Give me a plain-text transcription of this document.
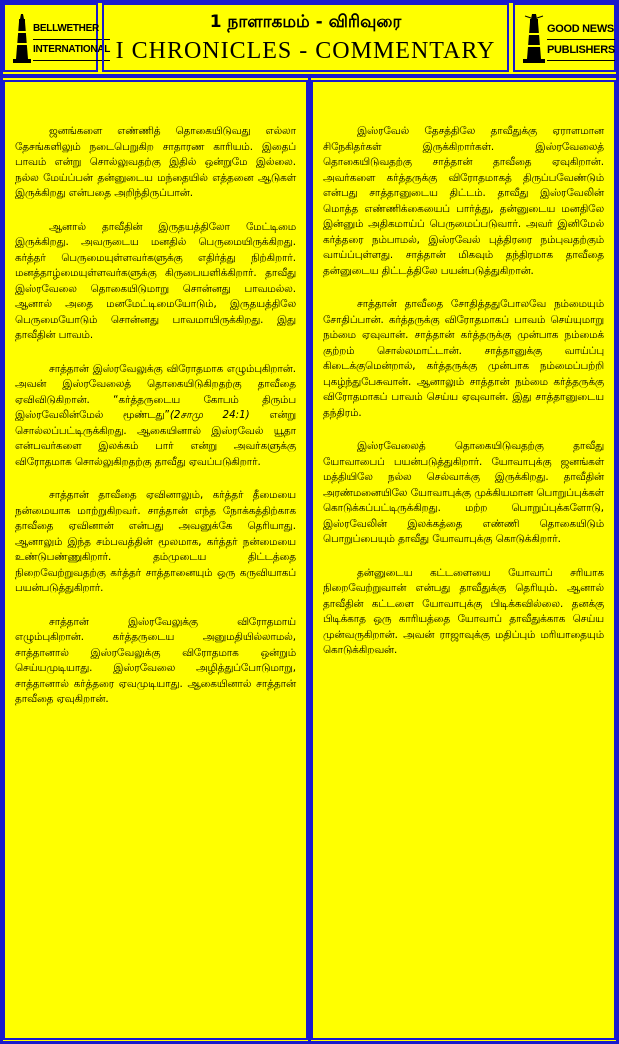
BELLWETHER
INTERNATIONAL
1 நாளாகமம் - விரிவுரை
I CHRONICLES - COMMENTARY
GOOD NEWS
PUBLISHERS

ஜனங்களை எண்ணித் தொகையிடுவது எல்லா தேசங்களிலும் நடைபெறுகிற சாதாரண காரியம். இதைப் பாவம் என்று சொல்லுவதற்கு இதில் ஒன்றுமே இல்லை. நல்ல மேய்ப்பன் தன்னுடைய மந்தையில் எத்தனை ஆடுகள் இருக்கிறது என்பதை அறிந்திருப்பான்.

ஆனால் தாவீதின் இருதயத்திலோ மேட்டிமை இருக்கிறது. அவருடைய மனதில் பெருமையிருக்கிறது. கர்த்தர் பெருமையுள்ளவர்களுக்கு எதிர்த்து நிற்கிறார். மனத்தாழ்மையுள்ளவர்களுக்கு கிருபையளிக்கிறார். தாவீது இஸ்ரவேலை தொகையிடுமாறு சொன்னது பாவமல்ல. ஆனால் அதை மனமேட்டிமையோடும், இருதயத்திலே பெருமையோடும் சொன்னது பாவமாயிருக்கிறது. இது தாவீதின் பாவம்.

சாத்தான் இஸ்ரவேலுக்கு விரோதமாக எழும்புகிறான். அவன் இஸ்ரவேலைத் தொகையிடுகிறதற்கு தாவீதை ஏவிவிடுகிறான். “கர்த்தருடைய கோபம் திரும்ப இஸ்ரவேலின்மேல் மூண்டது”(2சாமு 24:1) என்று சொல்லப்பட்டிருக்கிறது. ஆகையினால் இஸ்ரவேல் யூதா என்பவர்களை இலக்கம் பார் என்று அவர்களுக்கு விரோதமாக சொல்லுகிறதற்கு தாவீது ஏவப்படுகிறார்.

சாத்தான் தாவீதை ஏவினாலும், கர்த்தர் தீமையை நன்மையாக மாற்றுகிறவர். சாத்தான் எந்த நோக்கத்திற்காக தாவீதை ஏவினான் என்பது அவனுக்கே தெரியாது. ஆனாலும் இந்த சம்பவத்தின் மூலமாக, கர்த்தர் நன்மையை உண்டுபண்ணுகிறார். தம்முடைய திட்டத்தை நிறைவேற்றுவதற்கு கர்த்தர் சாத்தானையும் ஒரு கருவியாகப் பயன்படுத்துகிறார்.

சாத்தான் இஸ்ரவேலுக்கு விரோதமாய் எழும்புகிறான். கர்த்தருடைய அனுமதியில்லாமல், சாத்தானால் இஸ்ரவேலுக்கு விரோதமாக ஒன்றும் செய்யமுடியாது. இஸ்ரவேலை அழித்துப்போடுமாறு, சாத்தானால் கர்த்தரை ஏவமுடியாது. ஆகையினால் சாத்தான் தாவீதை ஏவுகிறான்.

இஸ்ரவேல் தேசத்திலே தாவீதுக்கு ஏராளமான சிநேகிதர்கள் இருக்கிறார்கள். இஸ்ரவேலைத் தொகையிடுவதற்கு சாத்தான் தாவீதை ஏவுகிறான். அவர்களை கர்த்தருக்கு விரோதமாகத் திருப்பவேண்டும் என்பது சாத்தானுடைய திட்டம். தாவீது இஸ்ரவேலின் மொத்த எண்ணிக்கையைப் பார்த்து, தன்னுடைய மனதிலே இன்னும் அதிகமாய்ப் பெருமைப்படுவார். அவர் இனிமேல் கர்த்தரை நம்பாமல், இஸ்ரவேல் புத்திரரை நம்புவதற்கும் வாய்ப்புள்ளது. சாத்தான் மிகவும் தந்திரமாக தாவீதை தன்னுடைய திட்டத்திலே பயன்படுத்துகிறான்.

சாத்தான் தாவீதை சோதித்ததுபோலவே நம்மையும் சோதிப்பான். கர்த்தருக்கு விரோதமாகப் பாவம் செய்யுமாறு நம்மை ஏவுவான். சாத்தான் கர்த்தருக்கு முன்பாக நம்மைக் குற்றம் சொல்லமாட்டான். சாத்தானுக்கு வாய்ப்பு கிடைக்குமென்றால், கர்த்தருக்கு முன்பாக நம்மைப்பற்றி புகழ்ந்துபேசுவான். ஆனாலும் சாத்தான் நம்மை கர்த்தருக்கு விரோதமாகப் பாவம் செய்ய ஏவுவான். இது சாத்தானுடைய தந்திரம்.

இஸ்ரவேலைத் தொகையிடுவதற்கு தாவீது யோவாபைப் பயன்படுத்துகிறார். யோவாபுக்கு ஜனங்கள் மத்தியிலே நல்ல செல்வாக்கு இருக்கிறது. தாவீதின் அரண்மனையிலே யோவாபுக்கு முக்கியமான பொறுப்புக்கள் கொடுக்கப்பட்டிருக்கிறது. மற்ற பொறுப்புக்களோடு, இஸ்ரவேலின் இலக்கத்தை எண்ணி தொகையிடும் பொறுப்பையும் தாவீது யோவாபுக்கு கொடுக்கிறார்.

தன்னுடைய கட்டளையை யோவாப் சரியாக நிறைவேற்றுவான் என்பது தாவீதுக்கு தெரியும். ஆனால் தாவீதின் கட்டளை யோவாபுக்கு பிடிக்கவில்லை. தனக்கு பிடிக்காத ஒரு காரியத்தை யோவாப் தாவீதுக்காக செய்ய முன்வருகிறான். அவன் ராஜாவுக்கு மதிப்பும் மரியாதையும் கொடுக்கிறவன்.
